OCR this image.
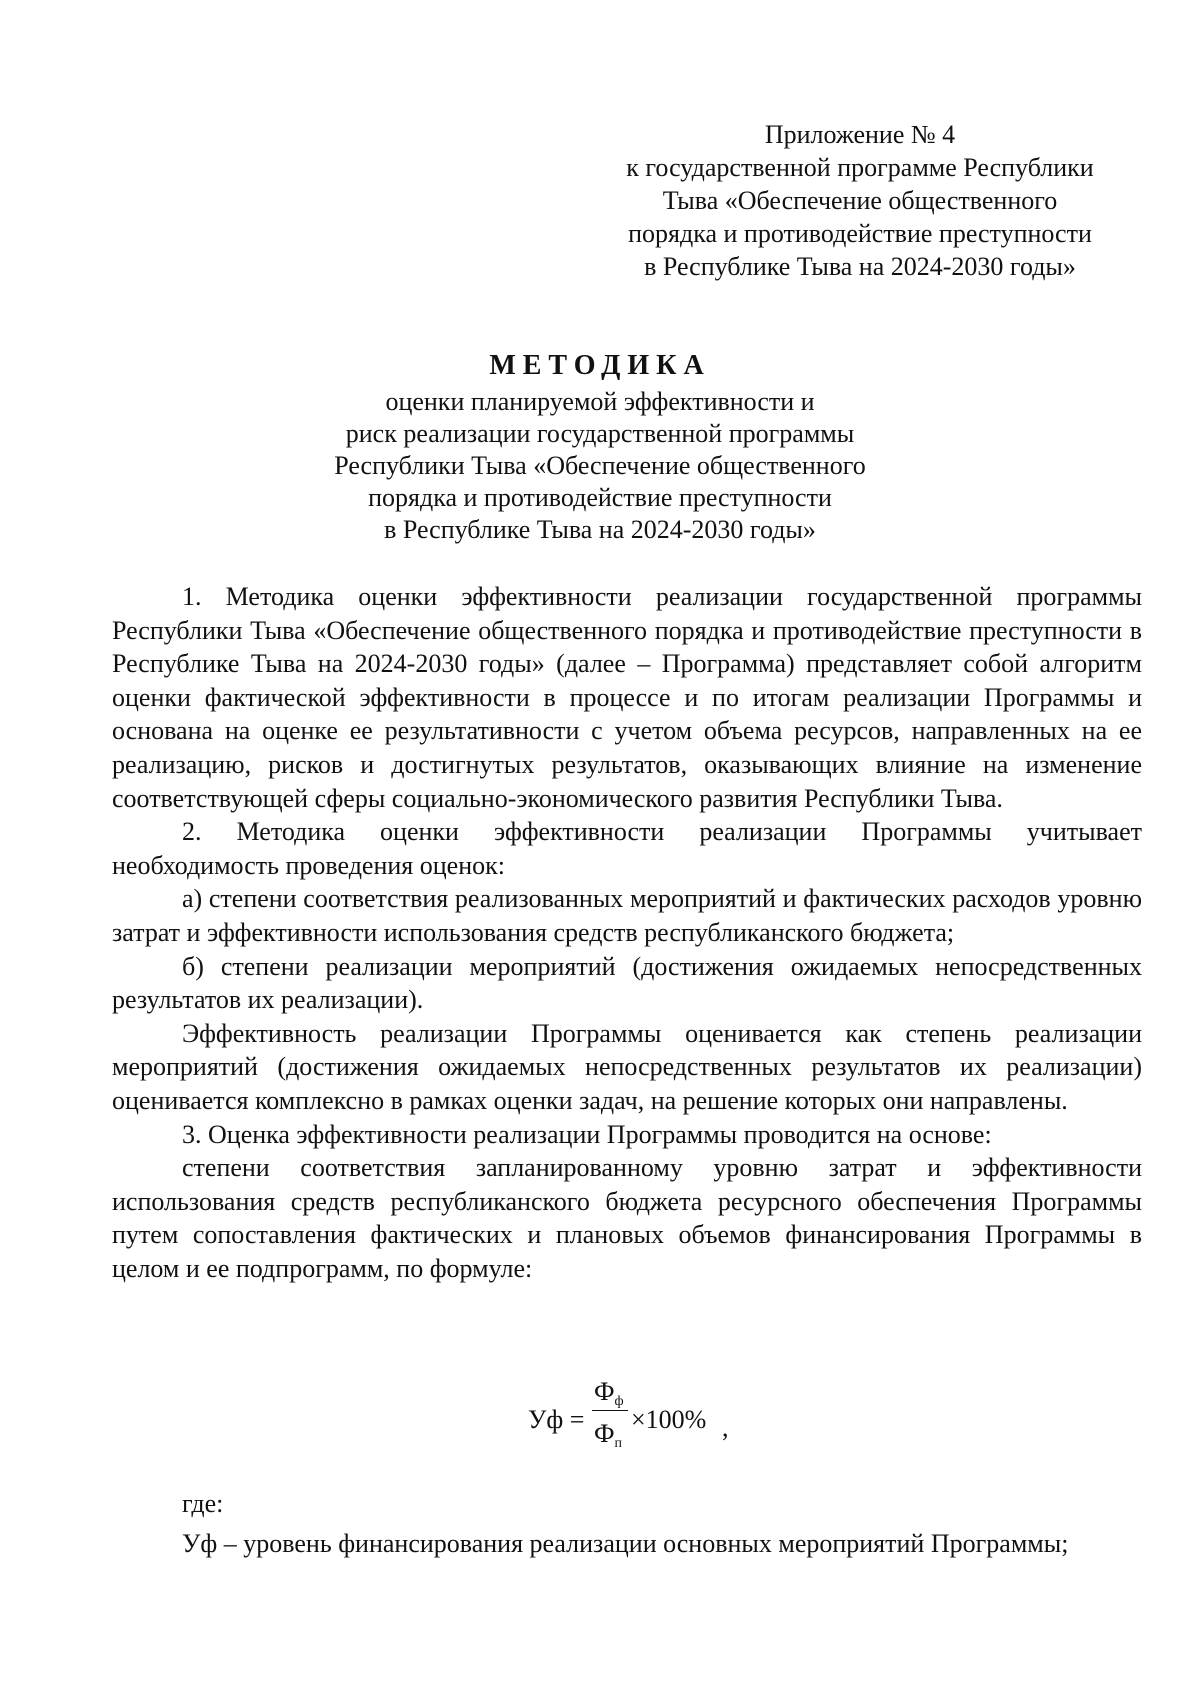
Приложение № 4
к государственной программе Республики
Тыва «Обеспечение общественного
порядка и противодействие преступности
в Республике Тыва на 2024-2030 годы»
МЕТОДИКА
оценки планируемой эффективности и
риск реализации государственной программы
Республики Тыва «Обеспечение общественного
порядка и противодействие преступности
в Республике Тыва на 2024-2030 годы»

1. Методика оценки эффективности реализации государственной программы Республики Тыва «Обеспечение общественного порядка и противодействие преступности в Республике Тыва на 2024-2030 годы» (далее – Программа) представляет собой алгоритм оценки фактической эффективности в процессе и по итогам реализации Программы и основана на оценке ее результативности с учетом объема ресурсов, направленных на ее реализацию, рисков и достигнутых результатов, оказывающих влияние на изменение соответствующей сферы социально-экономического развития Республики Тыва.

2. Методика оценки эффективности реализации Программы учитывает необходимость проведения оценок:

а) степени соответствия реализованных мероприятий и фактических расходов уровню затрат и эффективности использования средств республиканского бюджета;

б) степени реализации мероприятий (достижения ожидаемых непосредственных результатов их реализации).

Эффективность реализации Программы оценивается как степень реализации мероприятий (достижения ожидаемых непосредственных результатов их реализации) оценивается комплексно в рамках оценки задач, на решение которых они направлены.

3. Оценка эффективности реализации Программы проводится на основе:

степени соответствия запланированному уровню затрат и эффективности использования средств республиканского бюджета ресурсного обеспечения Программы путем сопоставления фактических и плановых объемов финансирования Программы в целом и ее подпрограмм, по формуле:

Уф =
$Ф_ф$
$Ф_п$
×100% ,

где:

Уф – уровень финансирования реализации основных мероприятий Программы;
